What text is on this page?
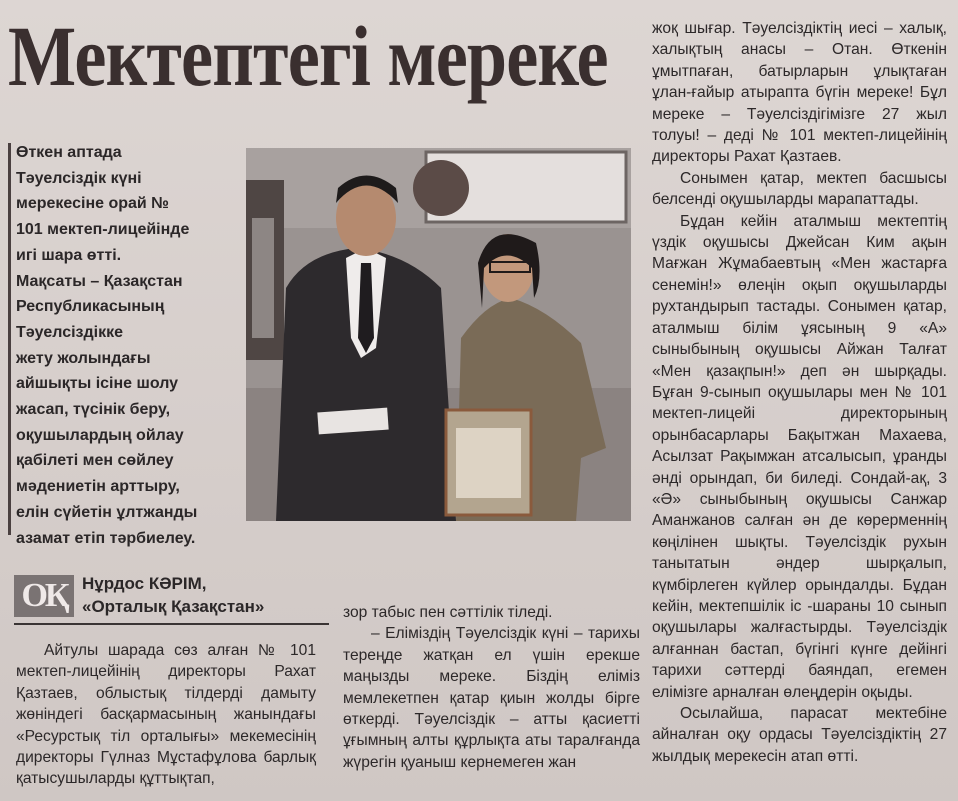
Мектептегі мереке
Өткен аптада
Тәуелсіздік күні
мерекесіне орай №
101 мектеп-лицейінде
игі шара өтті.
Мақсаты – Қазақстан
Республикасының
Тәуелсіздікке
жету жолындағы
айшықты ісіне шолу
жасап, түсінік беру,
оқушылардың ойлау
қабілеті мен сөйлеу
мәдениетін арттыру,
елін сүйетін ұлтжанды
азамат етіп тәрбиелеу.
ОҚ Нұрдос КӘРІМ,
«Орталық Қазақстан»

Айтулы шарада сөз алған № 101 мектеп-лицейінің директоры Рахат Қазтаев, облыстық тілдерді дамыту жөніндегі басқармасының жанындағы «Ресурстық тіл орталығы» мекемесінің директоры Гүлназ Мұстафұлова барлық қатысушыларды құттықтап,

зор табыс пен сәттілік тіледі.

– Еліміздің Тәуелсіздік күні – тарихы тереңде жатқан ел үшін ерекше маңызды мереке. Біздің еліміз мемлекетпен қатар қиын жолды бірге өткерді. Тәуелсіздік – атты қасиетті ұғымның алты құрлықта аты таралғанда жүрегін қуаныш кернемеген жан

жоқ шығар. Тәуелсіздіктің иесі – халық, халықтың анасы – Отан. Өткенін ұмытпаған, батырларын ұлықтаған ұлан-ғайыр атырапта бүгін мереке! Бұл мереке – Тәуелсіздігімізге 27 жыл толуы! – деді № 101 мектеп-лицейінің директоры Рахат Қазтаев.

Сонымен қатар, мектеп басшысы белсенді оқушыларды марапаттады.

Бұдан кейін аталмыш мектептің үздік оқушысы Джейсан Ким ақын Мағжан Жұмабаевтың «Мен жастарға сенемін!» өлеңін оқып оқушыларды рухтандырып тастады. Сонымен қатар, аталмыш білім ұясының 9 «А» сыныбының оқушысы Айжан Талғат «Мен қазақпын!» деп ән шырқады. Бұған 9-сынып оқушылары мен № 101 мектеп-лицейі директорының орынбасарлары Бақытжан Махаева, Асылзат Рақымжан атсалысып, ұранды әнді орындап, би биледі. Сондай-ақ, 3 «Ә» сыныбының оқушысы Санжар Аманжанов салған ән де көрерменнің көңілінен шықты. Тәуелсіздік рухын танытатын әндер шырқалып, күмбірлеген күйлер орындалды. Бұдан кейін, мектепшілік іс -шараны 10 сынып оқушылары жалғастырды. Тәуелсіздік алғаннан бастап, бүгінгі күнге дейінгі тарихи сәттерді баяндап, егемен елімізге арналған өлеңдерін оқыды.

Осылайша, парасат мектебіне айналған оқу ордасы Тәуелсіздіктің 27 жылдық мерекесін атап өтті.
